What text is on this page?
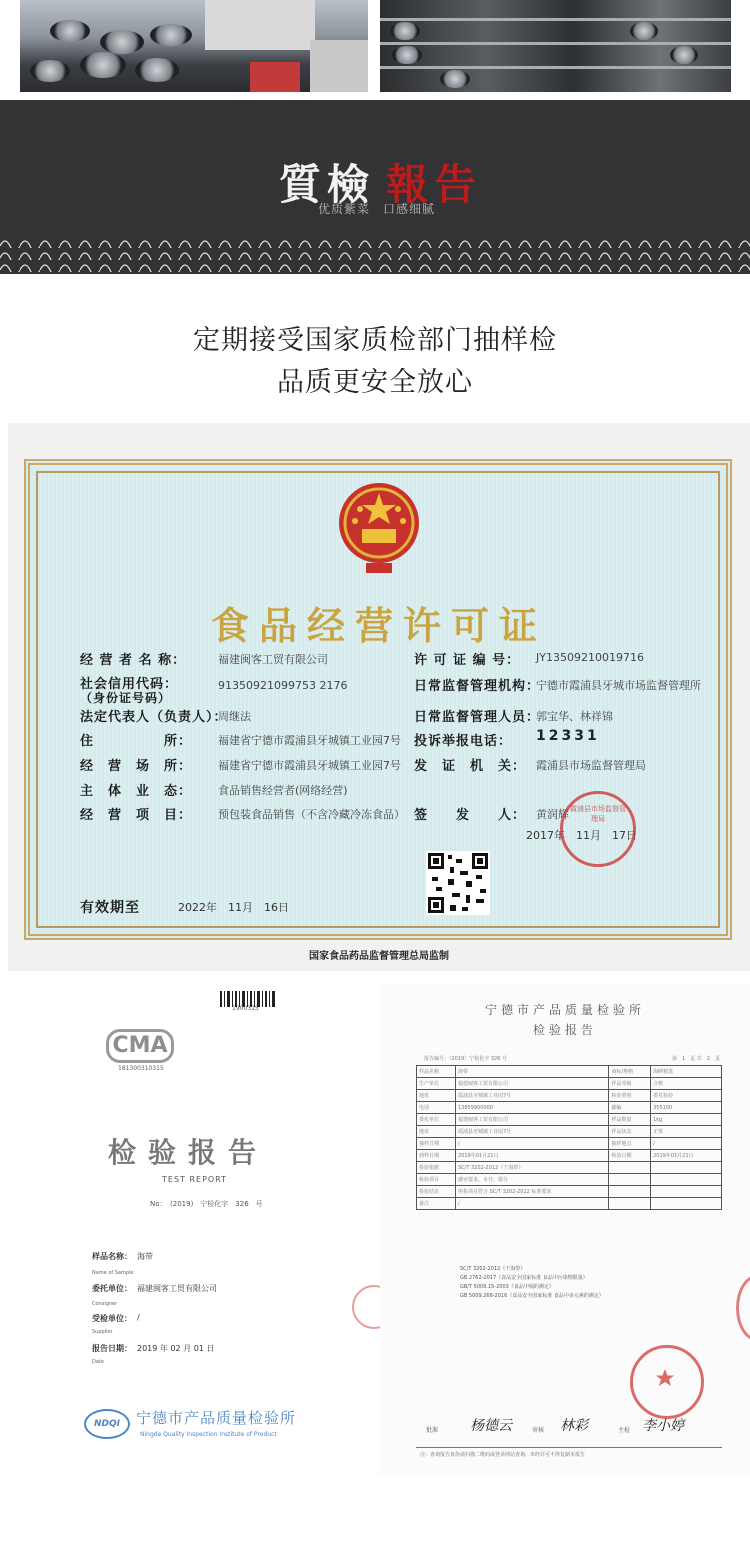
質檢 報告
优质紫菜　口感细腻
定期接受国家质检部门抽样检
品质更安全放心
食品经营许可证
经 营 者 名 称：	福建闽客工贸有限公司
社会信用代码：	91350921099753 2176
（身份证号码）
法定代表人（负责人）：
周继法
住　　　　　所： 福建省宁德市霞浦县牙城镇工业园7号
经　营　场　所： 福建省宁德市霞浦县牙城镇工业园7号
主　体　业　态： 食品销售经营者(网络经营)
经　营　项　目： 预包装食品销售（不含冷藏冷冻食品）
许 可 证 编 号： JY13509210019716
日常监督管理机构：
宁德市霞浦县牙城市场监督管理所
日常监督管理人员：
郭宝华、林祥锦
投诉举报电话： 12331
发　证　机　关： 霞浦县市场监督管理局
签　　发　　人： 黄润辉
2017年　11月　17日
霞浦县市场监督管理局
有效期至	2022年　11月　16日
国家食品药品监督管理总局监制
1900315
CMA
181300310315
检验报告
TEST REPORT
No：　(2019)　宁检化字　326　号
样品名称： 海带
Name of Sample
委托单位： 福建闽客工贸有限公司
Consigner
受检单位： /
Supplier
报告日期： 2019 年 02 月 01 日
Date
NDQI	宁德市产品质量检验所
Ningde Quality Inspection Institute of Product
宁德市产品质量检验所
检验报告
报告编号：（2019）宁检化字 326 号	第　1　页 共　2　页
样品名称	海带	商标/规格	海鲜精选
生产单位	福建闽客工贸有限公司	样品等级	合格
地址	霞浦县牙城镇工业园7号	检验类别	委托检验
电话	13859900000	邮编	355100
委托单位	福建闽客工贸有限公司	样品数量	1kg
地址	霞浦县牙城镇工业园7号	样品状态	正常
抽样日期	/	抽样地点	/
到样日期	2019年01月21日	检验日期	2019年01月21日
检验依据	SC/T 3202-2012《干海带》		
检验项目	感官要求、水分、盐分		
检验结论	所检项目符合 SC/T 3202-2012 标准要求		
备注	/		
SC/T 3202-2012《干海带》
GB 2762-2017《食品安全国家标准 食品中污染物限量》
GB/T 5009.15-2003《食品中镉的测定》
GB 5009.268-2016《食品安全国家标准 食品中多元素的测定》
批准 杨德云	审核 林彩	主检 李小婷
注：查询报告真伪请扫描二维码或登录网站查询，未经许可不得复制本报告
